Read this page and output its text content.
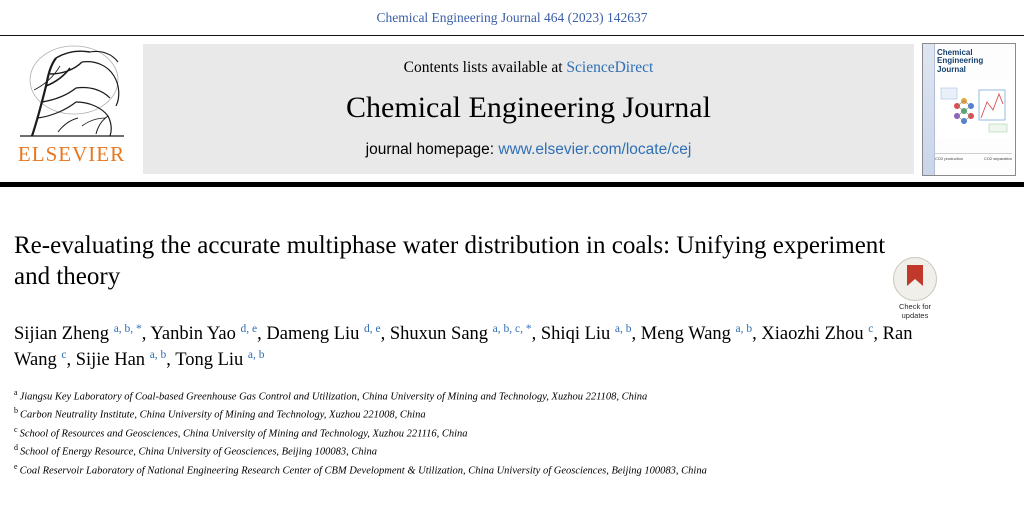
Chemical Engineering Journal 464 (2023) 142637
ELSEVIER
Contents lists available at ScienceDirect
Chemical Engineering Journal
journal homepage: www.elsevier.com/locate/cej
Chemical
Engineering
Journal
CO2 production	CO2 separation
Check for
updates
Re-evaluating the accurate multiphase water distribution in coals: Unifying experiment and theory
Sijian Zheng $^{a, b, *}$, Yanbin Yao $^{d, e}$, Dameng Liu $^{d, e}$, Shuxun Sang $^{a, b, c, *}$, Shiqi Liu $^{a, b}$, Meng Wang $^{a, b}$, Xiaozhi Zhou $^c$, Ran Wang $^c$, Sijie Han $^{a, b}$, Tong Liu $^{a, b}$
$^a$ Jiangsu Key Laboratory of Coal-based Greenhouse Gas Control and Utilization, China University of Mining and Technology, Xuzhou 221108, China
$^b$ Carbon Neutrality Institute, China University of Mining and Technology, Xuzhou 221008, China
$^c$ School of Resources and Geosciences, China University of Mining and Technology, Xuzhou 221116, China
$^d$ School of Energy Resource, China University of Geosciences, Beijing 100083, China
$^e$ Coal Reservoir Laboratory of National Engineering Research Center of CBM Development & Utilization, China University of Geosciences, Beijing 100083, China
